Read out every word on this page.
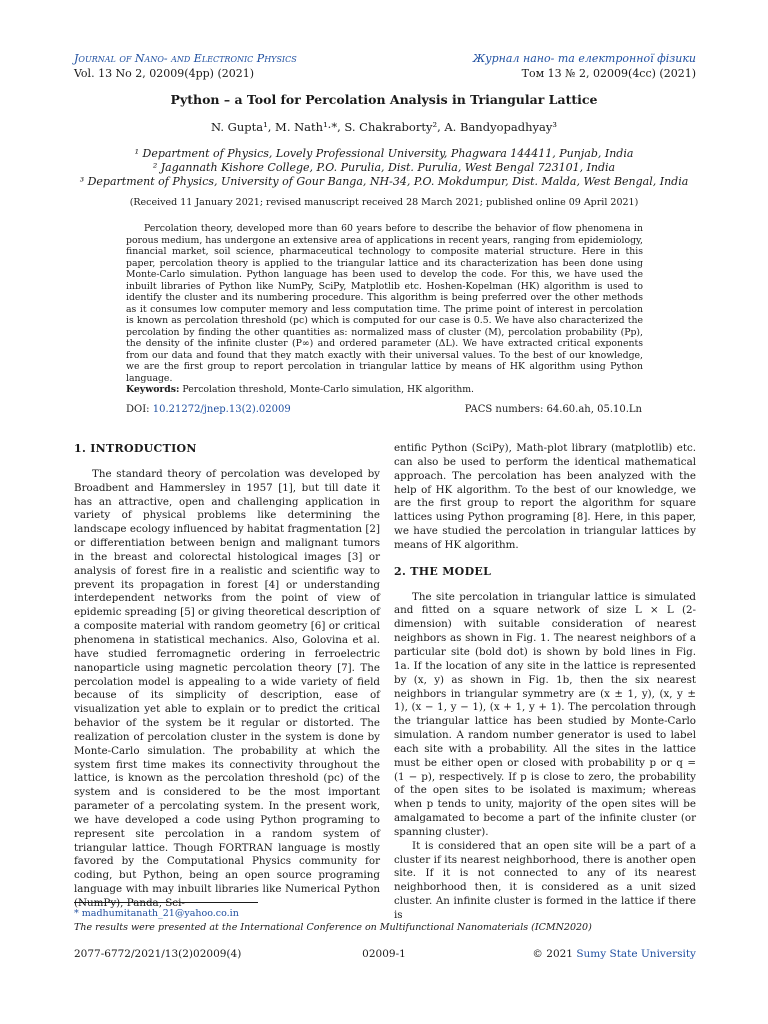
Journal of Nano- and Electronic Physics
Vol. 13 No 2, 02009(4pp) (2021)
Журнал нано- та електронної фізики
Том 13 № 2, 02009(4cc) (2021)
Python – a Tool for Percolation Analysis in Triangular Lattice
N. Gupta¹, M. Nath¹·*, S. Chakraborty², A. Bandyopadhyay³
¹ Department of Physics, Lovely Professional University, Phagwara 144411, Punjab, India
² Jagannath Kishore College, P.O. Purulia, Dist. Purulia, West Bengal 723101, India
³ Department of Physics, University of Gour Banga, NH-34, P.O. Mokdumpur, Dist. Malda, West Bengal, India
(Received 11 January 2021; revised manuscript received 28 March 2021; published online 09 April 2021)

Percolation theory, developed more than 60 years before to describe the behavior of flow phenomena in porous medium, has undergone an extensive area of applications in recent years, ranging from epidemiology, financial market, soil science, pharmaceutical technology to composite material structure. Here in this paper, percolation theory is applied to the triangular lattice and its characterization has been done using Monte-Carlo simulation. Python language has been used to develop the code. For this, we have used the inbuilt libraries of Python like NumPy, SciPy, Matplotlib etc. Hoshen-Kopelman (HK) algorithm is used to identify the cluster and its numbering procedure. This algorithm is being preferred over the other methods as it consumes low computer memory and less computation time. The prime point of interest in percolation is known as percolation threshold (pc) which is computed for our case is 0.5. We have also characterized the percolation by finding the other quantities as: normalized mass of cluster (M), percolation probability (Pp), the density of the infinite cluster (P∞) and ordered parameter (ΔL). We have extracted critical exponents from our data and found that they match exactly with their universal values. To the best of our knowledge, we are the first group to report percolation in triangular lattice by means of HK algorithm using Python language.

Keywords: Percolation threshold, Monte-Carlo simulation, HK algorithm.
DOI: 10.21272/jnep.13(2).02009	PACS numbers: 64.60.ah, 05.10.Ln
1. INTRODUCTION

The standard theory of percolation was developed by Broadbent and Hammersley in 1957 [1], but till date it has an attractive, open and challenging application in variety of physical problems like determining the landscape ecology influenced by habitat fragmentation [2] or differentiation between benign and malignant tumors in the breast and colorectal histological images [3] or analysis of forest fire in a realistic and scientific way to prevent its propagation in forest [4] or understanding interdependent networks from the point of view of epidemic spreading [5] or giving theoretical description of a composite material with random geometry [6] or critical phenomena in statistical mechanics. Also, Golovina et al. have studied ferromagnetic ordering in ferroelectric nanoparticle using magnetic percolation theory [7]. The percolation model is appealing to a wide variety of field because of its simplicity of description, ease of visualization yet able to explain or to predict the critical behavior of the system be it regular or distorted. The realization of percolation cluster in the system is done by Monte-Carlo simulation. The probability at which the system first time makes its connectivity throughout the lattice, is known as the percolation threshold (pc) of the system and is considered to be the most important parameter of a percolating system. In the present work, we have developed a code using Python programing to represent site percolation in a random system of triangular lattice. Though FORTRAN language is mostly favored by the Computational Physics community for coding, but Python, being an open source programing language with may inbuilt libraries like Numerical Python (NumPy), Panda, Sci-

entific Python (SciPy), Math-plot library (matplotlib) etc. can also be used to perform the identical mathematical approach. The percolation has been analyzed with the help of HK algorithm. To the best of our knowledge, we are the first group to report the algorithm for square lattices using Python programing [8]. Here, in this paper, we have studied the percolation in triangular lattices by means of HK algorithm.

2. THE MODEL

The site percolation in triangular lattice is simulated and fitted on a square network of size L × L (2-dimension) with suitable consideration of nearest neighbors as shown in Fig. 1. The nearest neighbors of a particular site (bold dot) is shown by bold lines in Fig. 1a. If the location of any site in the lattice is represented by (x, y) as shown in Fig. 1b, then the six nearest neighbors in triangular symmetry are (x ± 1, y), (x, y ± 1), (x − 1, y − 1), (x + 1, y + 1). The percolation through the triangular lattice has been studied by Monte-Carlo simulation. A random number generator is used to label each site with a probability. All the sites in the lattice must be either open or closed with probability p or q = (1 − p), respectively. If p is close to zero, the probability of the open sites to be isolated is maximum; whereas when p tends to unity, majority of the open sites will be amalgamated to become a part of the infinite cluster (or spanning cluster).

It is considered that an open site will be a part of a cluster if its nearest neighborhood, there is another open site. If it is not connected to any of its nearest neighborhood then, it is considered as a unit sized cluster. An infinite cluster is formed in the lattice if there is

* madhumitanath_21@yahoo.co.in
The results were presented at the International Conference on Multifunctional Nanomaterials (ICMN2020)
2077-6772/2021/13(2)02009(4)	02009-1	© 2021 Sumy State University
